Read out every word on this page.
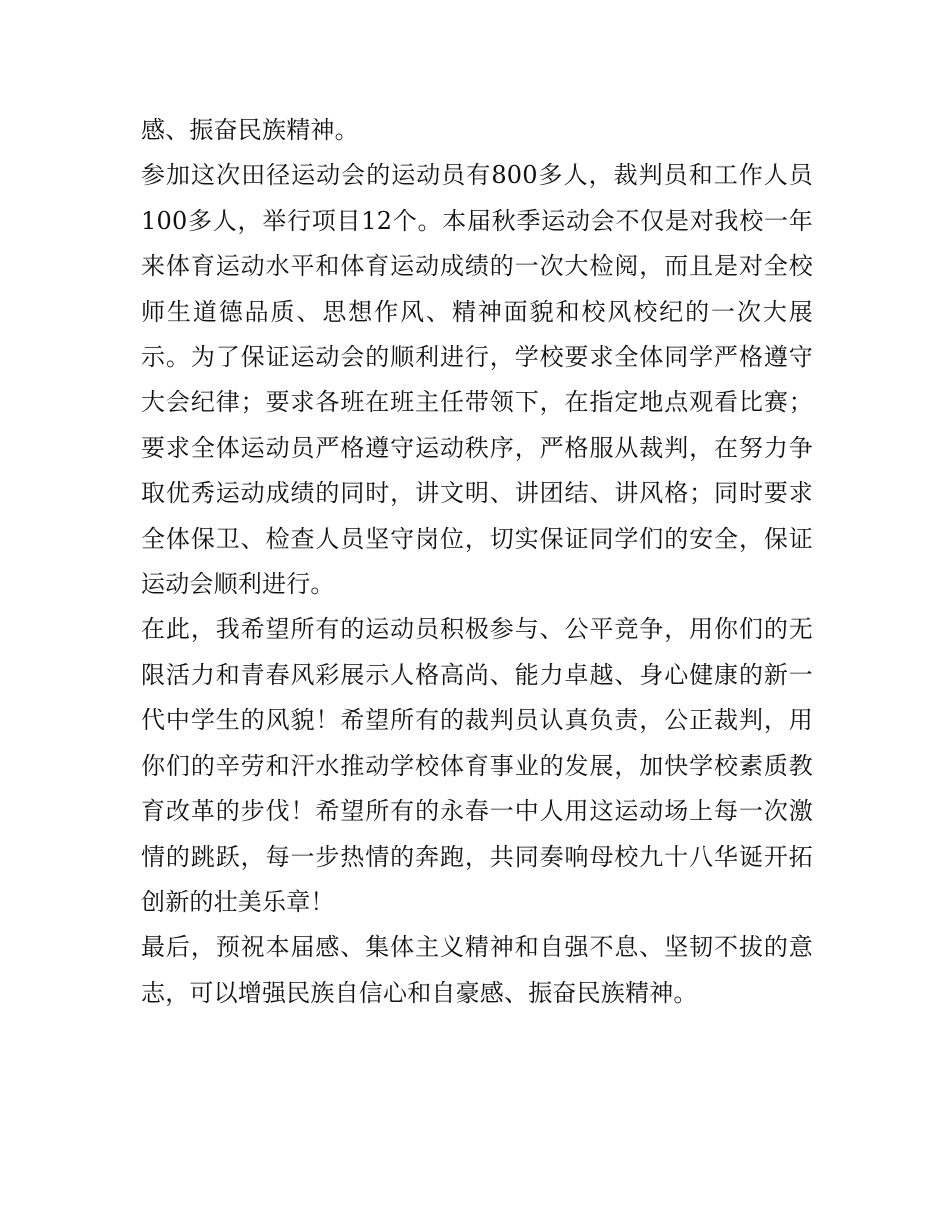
感、振奋民族精神。

参加这次田径运动会的运动员有800多人，裁判员和工作人员100多人，举行项目12个。本届秋季运动会不仅是对我校一年来体育运动水平和体育运动成绩的一次大检阅，而且是对全校师生道德品质、思想作风、精神面貌和校风校纪的一次大展示。为了保证运动会的顺利进行，学校要求全体同学严格遵守大会纪律；要求各班在班主任带领下，在指定地点观看比赛；要求全体运动员严格遵守运动秩序，严格服从裁判，在努力争取优秀运动成绩的同时，讲文明、讲团结、讲风格；同时要求全体保卫、检查人员坚守岗位，切实保证同学们的安全，保证运动会顺利进行。

在此，我希望所有的运动员积极参与、公平竞争，用你们的无限活力和青春风彩展示人格高尚、能力卓越、身心健康的新一代中学生的风貌！希望所有的裁判员认真负责，公正裁判，用你们的辛劳和汗水推动学校体育事业的发展，加快学校素质教育改革的步伐！希望所有的永春一中人用这运动场上每一次激情的跳跃，每一步热情的奔跑，共同奏响母校九十八华诞开拓创新的壮美乐章！

最后，预祝本届感、集体主义精神和自强不息、坚韧不拔的意志，可以增强民族自信心和自豪感、振奋民族精神。
